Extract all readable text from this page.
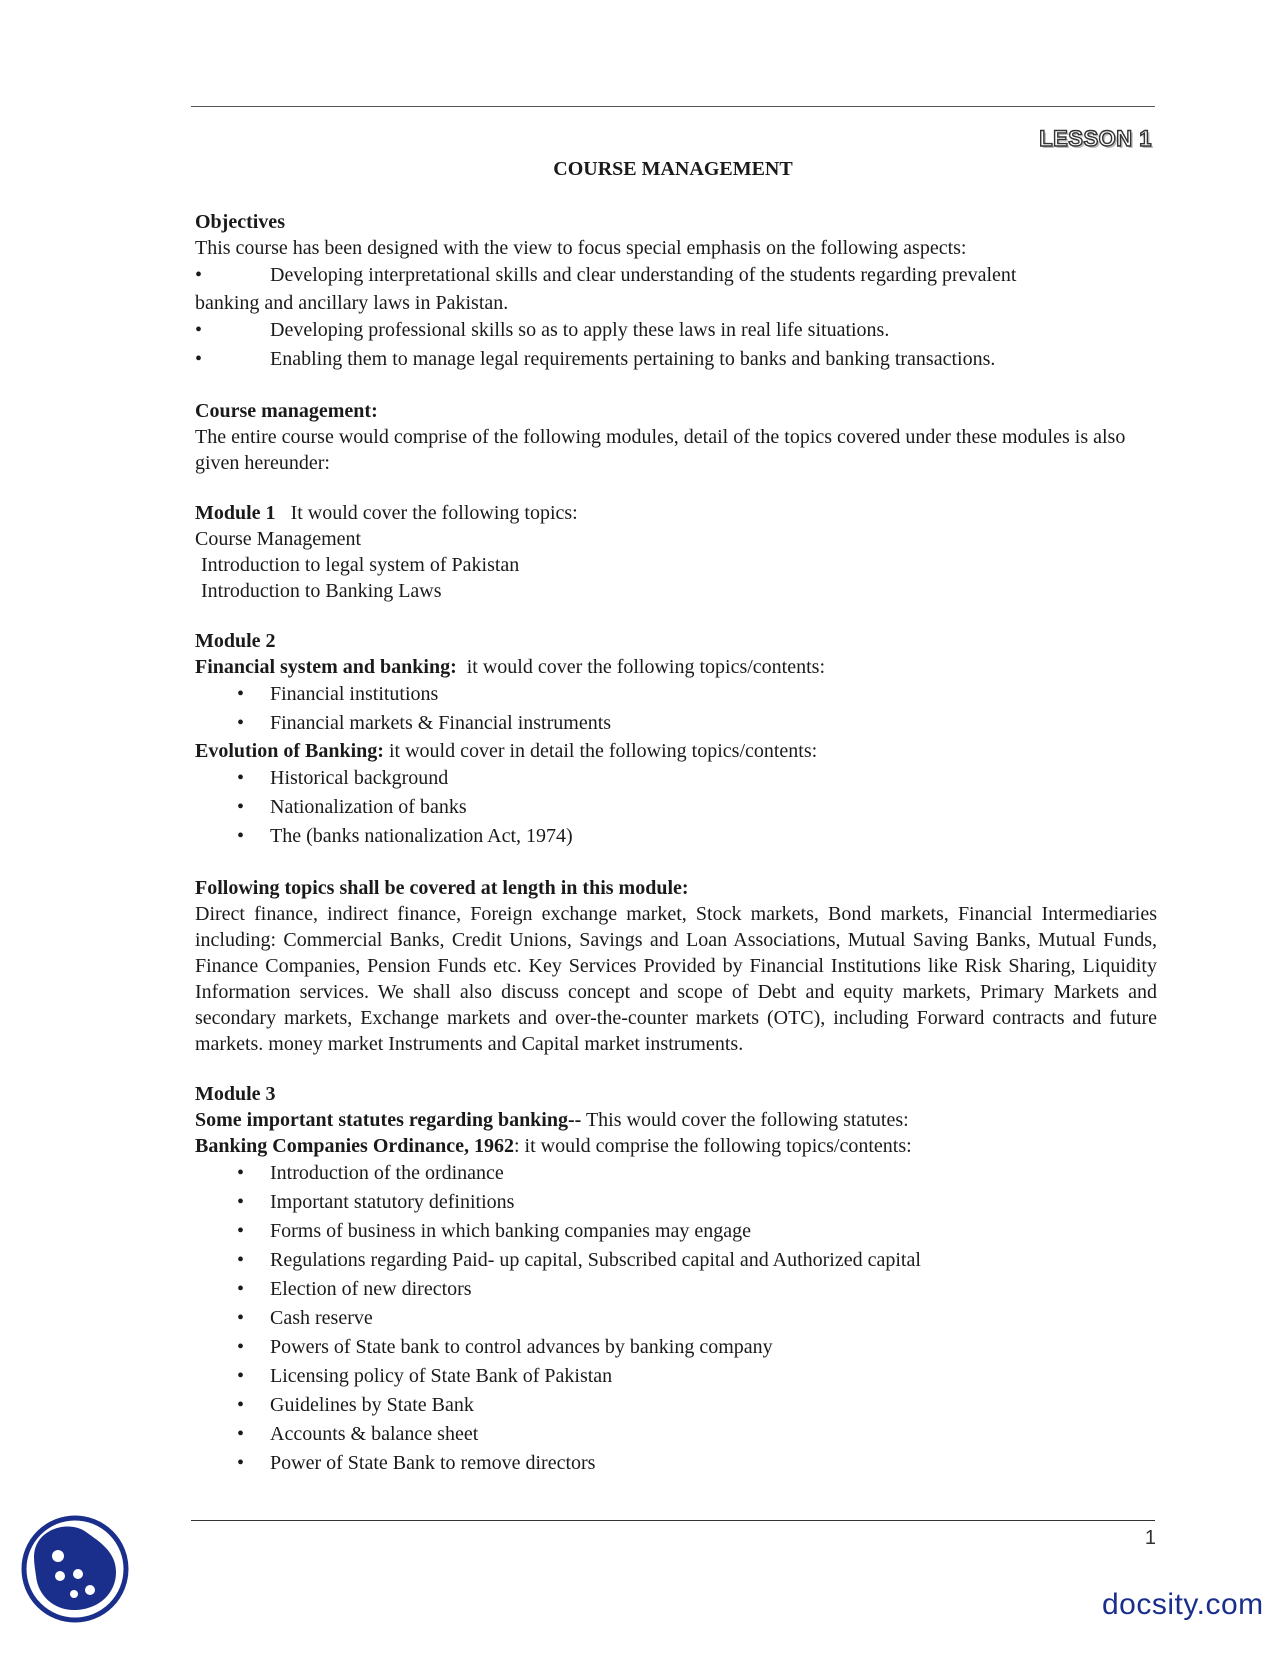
LESSON 1
COURSE MANAGEMENT

Objectives

This course has been designed with the view to focus special emphasis on the following aspects:

•	Developing interpretational skills and clear understanding of the students regarding prevalent

banking and ancillary laws in Pakistan.

•	Developing professional skills so as to apply these laws in real life situations.
•	Enabling them to manage legal requirements pertaining to banks and banking transactions.

Course management:

The entire course would comprise of the following modules, detail of the topics covered under these modules is also given hereunder:

Module 1 It would cover the following topics:

Course Management

Introduction to legal system of Pakistan

Introduction to Banking Laws

Module 2

Financial system and banking: it would cover the following topics/contents:

• Financial institutions
• Financial markets & Financial instruments

Evolution of Banking: it would cover in detail the following topics/contents:

• Historical background
• Nationalization of banks
• The (banks nationalization Act, 1974)

Following topics shall be covered at length in this module:

Direct finance, indirect finance, Foreign exchange market, Stock markets, Bond markets, Financial Intermediaries including: Commercial Banks, Credit Unions, Savings and Loan Associations, Mutual Saving Banks, Mutual Funds, Finance Companies, Pension Funds etc. Key Services Provided by Financial Institutions like Risk Sharing, Liquidity Information services. We shall also discuss concept and scope of Debt and equity markets, Primary Markets and secondary markets, Exchange markets and over-the-counter markets (OTC), including Forward contracts and future markets. money market Instruments and Capital market instruments.

Module 3

Some important statutes regarding banking-- This would cover the following statutes:

Banking Companies Ordinance, 1962: it would comprise the following topics/contents:

• Introduction of the ordinance
• Important statutory definitions
• Forms of business in which banking companies may engage
• Regulations regarding Paid- up capital, Subscribed capital and Authorized capital
• Election of new directors
• Cash reserve
• Powers of State bank to control advances by banking company
• Licensing policy of State Bank of Pakistan
• Guidelines by State Bank
• Accounts & balance sheet
• Power of State Bank to remove directors
1
docsity.com
